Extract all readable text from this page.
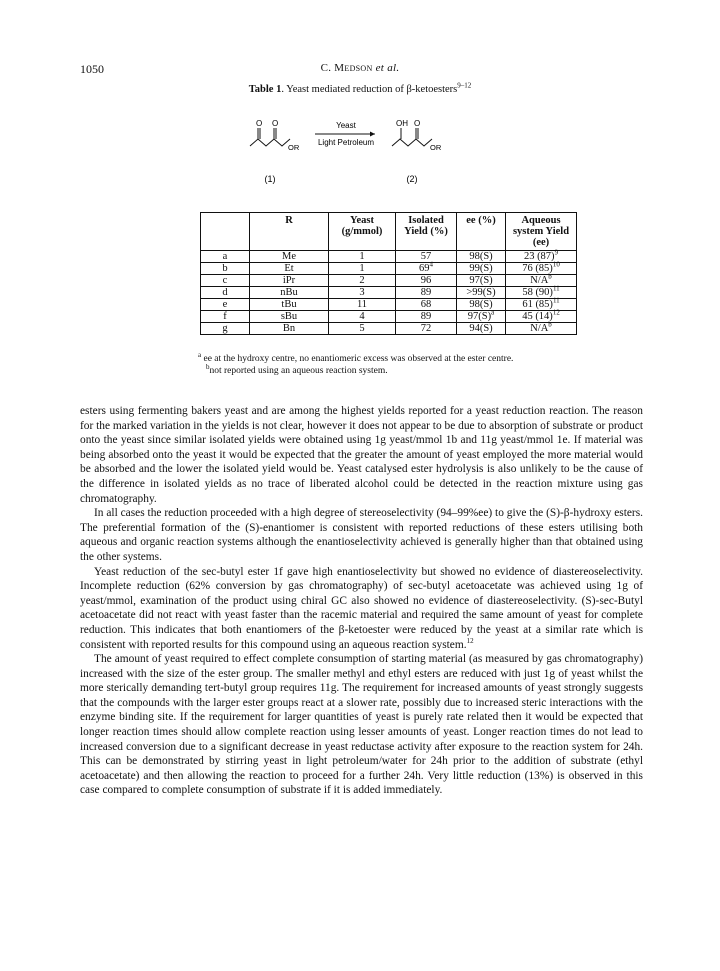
1050	C. Medson et al.
Table 1. Yeast mediated reduction of β-ketoesters$^{9-12}$
O O
OR
Yeast
Light Petroleum
OH O
OR
(1)	(2)
	R	Yeast (g/mmol)	Isolated Yield (%)	ee (%)	Aqueous system Yield (ee)
a	Me	1	57	98(S)	23 $(87)^9$
b	Et	1	$69^4$	99(S)	76 $(85)^{10}$
c	iPr	2	96	97(S)	$N/A^b$
d	nBu	3	89	>99(S)	58 $(90)^{11}$
e	tBu	11	68	98(S)	61 $(85)^{11}$
f	sBu	4	89	$97(S)^a$	45 $(14)^{12}$
g	Bn	5	72	94(S)	$N/A^b$
$^a$ ee at the hydroxy centre, no enantiomeric excess was observed at the ester centre.
$^b$not reported using an aqueous reaction system.

esters using fermenting bakers yeast and are among the highest yields reported for a yeast reduction reaction. The reason for the marked variation in the yields is not clear, however it does not appear to be due to absorption of substrate or product onto the yeast since similar isolated yields were obtained using 1g yeast/mmol 1b and 11g yeast/mmol 1e. If material was being absorbed onto the yeast it would be expected that the greater the amount of yeast employed the more material would be absorbed and the lower the isolated yield would be. Yeast catalysed ester hydrolysis is also unlikely to be the cause of the difference in isolated yields as no trace of liberated alcohol could be detected in the reaction mixture using gas chromatography.

In all cases the reduction proceeded with a high degree of stereoselectivity (94–99%ee) to give the (S)-β-hydroxy esters. The preferential formation of the (S)-enantiomer is consistent with reported reductions of these esters utilising both aqueous and organic reaction systems although the enantioselectivity achieved is generally higher than that obtained using the other systems.

Yeast reduction of the sec-butyl ester 1f gave high enantioselectivity but showed no evidence of diastereoselectivity. Incomplete reduction (62% conversion by gas chromatography) of sec-butyl acetoacetate was achieved using 1g of yeast/mmol, examination of the product using chiral GC also showed no evidence of diastereoselectivity. (S)-sec-Butyl acetoacetate did not react with yeast faster than the racemic material and required the same amount of yeast for complete reduction. This indicates that both enantiomers of the β-ketoester were reduced by the yeast at a similar rate which is consistent with reported results for this compound using an aqueous reaction system.$^{12}$

The amount of yeast required to effect complete consumption of starting material (as measured by gas chromatography) increased with the size of the ester group. The smaller methyl and ethyl esters are reduced with just 1g of yeast whilst the more sterically demanding tert-butyl group requires 11g. The requirement for increased amounts of yeast strongly suggests that the compounds with the larger ester groups react at a slower rate, possibly due to increased steric interactions with the enzyme binding site. If the requirement for larger quantities of yeast is purely rate related then it would be expected that longer reaction times should allow complete reaction using lesser amounts of yeast. Longer reaction times do not lead to increased conversion due to a significant decrease in yeast reductase activity after exposure to the reaction system for 24h. This can be demonstrated by stirring yeast in light petroleum/water for 24h prior to the addition of substrate (ethyl acetoacetate) and then allowing the reaction to proceed for a further 24h. Very little reduction (13%) is observed in this case compared to complete consumption of substrate if it is added immediately.
